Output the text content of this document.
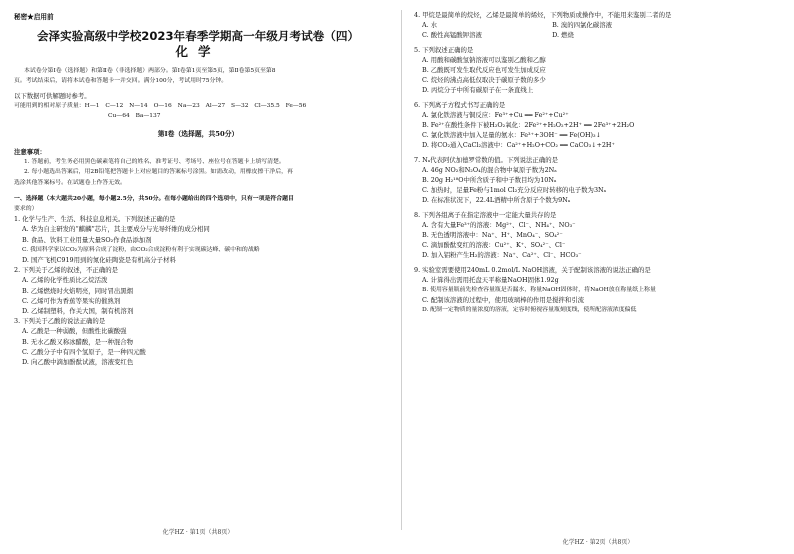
秘密★启用前

会泽实验高级中学校2023年春季学期高一年级月考试卷（四）
化学

本试卷分第Ⅰ卷（选择题）和第Ⅱ卷（非选择题）两部分。第Ⅰ卷第1页至第5页，第Ⅱ卷第5页至第8

页。考试结束后，请将本试卷和答题卡一并交回。满分100分，考试用时75分钟。

以下数据可供解题时参考。

可能用到的相对原子质量：H—1　C—12　N—14　O—16　Na—23　Al—27　S—32　Cl—35.5　Fe—56

Cu—64　Ba—137

第Ⅰ卷（选择题，共50分）

注意事项：

1. 答题前，考生务必用黑色碳素笔将自己的姓名、准考证号、考场号、座位号在答题卡上填写清楚。

2. 每小题选出答案后，用2B铅笔把答题卡上对应题目的答案标号涂黑。如需改动，用橡皮擦干净后，再

选涂其他答案标号。在试题卷上作答无效。

一、选择题（本大题共20小题，每小题2.5分，共50分。在每小题给出的四个选项中，只有一项是符合题目

要求的）

1. 化学与生产、生活、科技息息相关。下列叙述正确的是

A. 华为自主研发的“麒麟”芯片，其主要成分与光导纤维的成分相同

B. 食品、饮料工业用量大量SO₂作食品添加剂

C. 我国科学家以CO₂为原料合成了淀粉，由CO₂合成淀粉有利于实现碳达峰、碳中和的战略

D. 国产飞机C919用到的氮化硅陶瓷是有机高分子材料

2. 下列关于乙烯的叙述，不正确的是

A. 乙烯的化学性质比乙烷活泼

B. 乙烯燃烧时火焰明亮，同时冒出黑烟

C. 乙烯可作为香蕉等果实的催熟剂

D. 乙烯制塑料，作关大国，制有机溶剂

3. 下列关于乙酸的说法正确的是

A. 乙酸是一种弱酸，但酸性比碳酸强

B. 无水乙酸又称冰醋酸，是一种混合物

C. 乙酸分子中有四个氢原子，是一种四元酸

D. 向乙酸中滴加酚酞试液，溶液变红色

化学HZ · 第1页（共8页）

4. 甲烷是最简单的烷烃，乙烯是最简单的烯烃，下列物质或操作中，不能用来鉴别二者的是

A. 水　　　　　　　　　　　　　　　　　　B. 溴的四氯化碳溶液

C. 酸性高锰酸钾溶液　　　　　　　　　　　D. 燃烧

5. 下列叙述正确的是

A. 用酸和碳酸氢钠溶液可以鉴别乙酸和乙醇

B. 乙酸既可发生取代反应也可发生加成反应

C. 烷烃的沸点高低仅取决于碳原子数的多少

D. 丙烷分子中所有碳原子在一条直线上

6. 下列离子方程式书写正确的是

A. 氯化铁溶液与铜反应：Fe³⁺+Cu ══ Fe²⁺+Cu²⁺

B. Fe²⁺在酸性条件下被H₂O₂氧化：2Fe²⁺+H₂O₂+2H⁺ ══ 2Fe³⁺+2H₂O

C. 氯化铁溶液中加入足量的氨水：Fe³⁺+3OH⁻ ══ Fe(OH)₃↓

D. 将CO₂通入CaCl₂溶液中：Ca²⁺+H₂O+CO₂ ══ CaCO₃↓+2H⁺

7. Nₐ代表阿伏加德罗常数的值。下列说法正确的是

A. 46g NO₂和N₂O₄的混合物中氧原子数为2Nₐ

B. 20g H₂¹⁸O中所含质子和中子数目均为10Nₐ

C. 加热时，足量Fe粉与1mol Cl₂充分反应时转移的电子数为3Nₐ

D. 在标准状况下，22.4L酒精中所含原子个数为9Nₐ

8. 下列各组离子在指定溶液中一定能大量共存的是

A. 含有大量Fe³⁺的溶液：Mg²⁺、Cl⁻、NH₄⁺、NO₃⁻

B. 无色透明溶液中：Na⁺、H⁺、MnO₄⁻、SO₄²⁻

C. 滴加酚酞变红的溶液：Cu²⁺、K⁺、SO₄²⁻、Cl⁻

D. 加入铝粉产生H₂的溶液：Na⁺、Ca²⁺、Cl⁻、HCO₃⁻

9. 实验室需要使用240mL 0.2mol/L NaOH溶液，关于配制该溶液的说法正确的是

A. 计算得出需用托盘天平称量NaOH固体1.92g

B. 使用容量瓶前先检查容量瓶是否漏水，称量NaOH固体时，将NaOH放在称量纸上称量

C. 配制该溶液的过程中，使用玻璃棒的作用是搅拌和引流

D. 配制一定物质的量浓度的溶液，定容时俯视容量瓶刻度线，使所配溶液浓度偏低

化学HZ · 第2页（共8页）
